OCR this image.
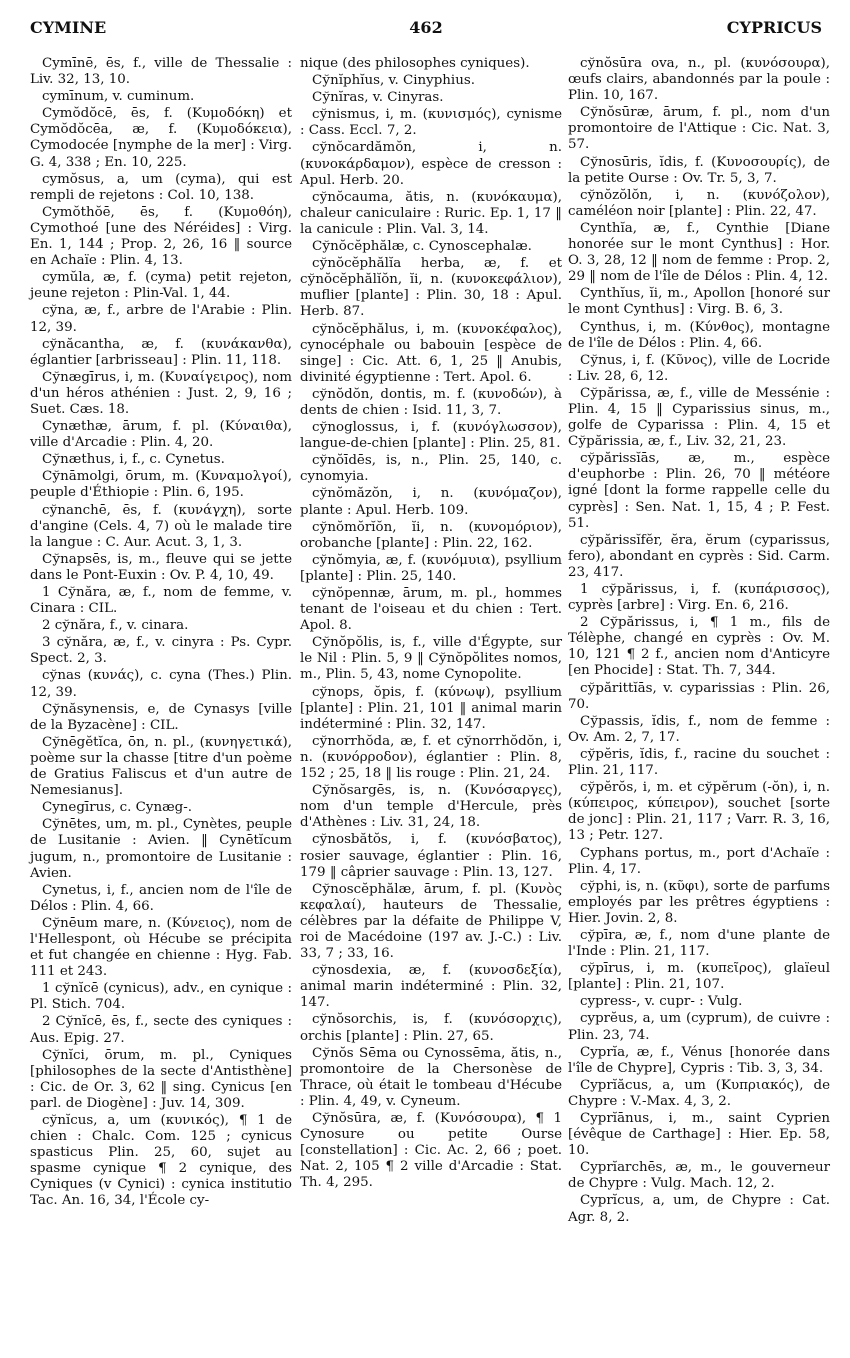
CYMINE	462	CYPRICUS
Cymīnē, ēs, f., ville de Thessalie : Liv. 32, 13, 10.
cymīnum, v. cuminum.
Cymŏdŏcē, ēs, f. (Κυμοδόκη) et Cymŏdŏcēa, æ, f. (Κυμοδόκεια), Cymodocée [nymphe de la mer] : Virg. G. 4, 338 ; En. 10, 225.
cymŏsus, a, um (cyma), qui est rempli de rejetons : Col. 10, 138.
Cymŏthŏē, ēs, f. (Κυμοθόη), Cymothoé [une des Néréides] : Virg. En. 1, 144 ; Prop. 2, 26, 16 ‖ source en Achaïe : Plin. 4, 13.
cymŭla, æ, f. (cyma) petit rejeton, jeune rejeton : Plin-Val. 1, 44.
cўna, æ, f., arbre de l'Arabie : Plin. 12, 39.
cўnăcantha, æ, f. (κυνάκανθα), églantier [arbrisseau] : Plin. 11, 118.
Cўnægīrus, i, m. (Κυναίγειρος), nom d'un héros athénien : Just. 2, 9, 16 ; Suet. Cæs. 18.
Cynæthæ, ārum, f. pl. (Κύναιθα), ville d'Arcadie : Plin. 4, 20.
Cўnæthus, i, f., c. Cynetus.
Cўnāmolgi, ōrum, m. (Κυναμολγοί), peuple d'Éthiopie : Plin. 6, 195.
cўnanchē, ēs, f. (κυνάγχη), sorte d'angine (Cels. 4, 7) où le malade tire la langue : C. Aur. Acut. 3, 1, 3.
Cўnapsēs, is, m., fleuve qui se jette dans le Pont-Euxin : Ov. P. 4, 10, 49.
1 Cўnăra, æ, f., nom de femme, v. Cinara : CIL.
2 cўnăra, f., v. cinara.
3 cўnăra, æ, f., v. cinyra : Ps. Cypr. Spect. 2, 3.
cўnas (κυνάς), c. cyna (Thes.) Plin. 12, 39.
Cўnăsynensis, e, de Cynasys [ville de la Byzacène] : CIL.
Cўnēgĕtĭca, ōn, n. pl., (κυνηγετικά), poème sur la chasse [titre d'un poème de Gratius Faliscus et d'un autre de Nemesianus].
Cynegīrus, c. Cynæg-.
Cўnētes, um, m. pl., Cynètes, peuple de Lusitanie : Avien. ‖ Cynētĭcum jugum, n., promontoire de Lusitanie : Avien.
Cynetus, i, f., ancien nom de l'île de Délos : Plin. 4, 66.
Cўnēum mare, n. (Κύνειος), nom de l'Hellespont, où Hécube se précipita et fut changée en chienne : Hyg. Fab. 111 et 243.
1 cўnĭcē (cynicus), adv., en cynique : Pl. Stich. 704.
2 Cўnĭcē, ēs, f., secte des cyniques : Aus. Epig. 27.
Cўnĭci, ōrum, m. pl., Cyniques [philosophes de la secte d'Antisthène] : Cic. de Or. 3, 62 ‖ sing. Cynicus [en parl. de Diogène] : Juv. 14, 309.
cўnĭcus, a, um (κυνικός), ¶ 1 de chien : Chalc. Com. 125 ; cynicus spasticus Plin. 25, 60, sujet au spasme cynique ¶ 2 cynique, des Cyniques (v Cynici) : cynica institutio Tac. An. 16, 34, l'École cy-
nique (des philosophes cyniques).
Cўnĭphĭus, v. Cinyphius.
Cўnĭras, v. Cinyras.
cўnismus, i, m. (κυνισμός), cynisme : Cass. Eccl. 7, 2.
cўnŏcardămŏn, i, n. (κυνοκάρδαμον), espèce de cresson : Apul. Herb. 20.
cўnŏcauma, ătis, n. (κυνόκαυμα), chaleur caniculaire : Ruric. Ep. 1, 17 ‖ la canicule : Plin. Val. 3, 14.
Cўnŏcĕphălæ, c. Cynoscephalæ.
cўnŏcĕphălĭa herba, æ, f. et cўnŏcĕphălĭŏn, ĭi, n. (κυνοκεφάλιον), muflier [plante] : Plin. 30, 18 : Apul. Herb. 87.
cўnŏcĕphălus, i, m. (κυνοκέφαλος), cynocéphale ou babouin [espèce de singe] : Cic. Att. 6, 1, 25 ‖ Anubis, divinité égyptienne : Tert. Apol. 6.
cўnŏdŏn, dontis, m. f. (κυνοδών), à dents de chien : Isid. 11, 3, 7.
cўnoglossus, i, f. (κυνόγλωσσον), langue-de-chien [plante] : Plin. 25, 81.
cўnŏīdēs, is, n., Plin. 25, 140, c. cynomyia.
cўnŏmăzŏn, i, n. (κυνόμαζον), plante : Apul. Herb. 109.
cўnŏmŏrĭŏn, ĭi, n. (κυνομόριον), orobanche [plante] : Plin. 22, 162.
cўnŏmyia, æ, f. (κυνόμυια), psyllium [plante] : Plin. 25, 140.
cўnŏpennæ, ārum, m. pl., hommes tenant de l'oiseau et du chien : Tert. Apol. 8.
Cўnŏpŏlis, is, f., ville d'Égypte, sur le Nil : Plin. 5, 9 ‖ Cўnŏpŏlites nomos, m., Plin. 5, 43, nome Cynopolite.
cўnops, ŏpis, f. (κύνωψ), psyllium [plante] : Plin. 21, 101 ‖ animal marin indéterminé : Plin. 32, 147.
cўnorrhŏda, æ, f. et cўnorrhŏdŏn, i, n. (κυνόρροδον), églantier : Plin. 8, 152 ; 25, 18 ‖ lis rouge : Plin. 21, 24.
Cўnŏsargēs, is, n. (Κυνόσαργες), nom d'un temple d'Hercule, près d'Athènes : Liv. 31, 24, 18.
cўnosbătŏs, i, f. (κυνόσβατος), rosier sauvage, églantier : Plin. 16, 179 ‖ câprier sauvage : Plin. 13, 127.
Cўnoscĕphălæ, ārum, f. pl. (Κυνὸς κεφαλαί), hauteurs de Thessalie, célèbres par la défaite de Philippe V, roi de Macédoine (197 av. J.-C.) : Liv. 33, 7 ; 33, 16.
cўnosdexia, æ, f. (κυνοσδεξία), animal marin indéterminé : Plin. 32, 147.
cўnŏsorchis, is, f. (κυνόσορχις), orchis [plante] : Plin. 27, 65.
Cўnŏs Sēma ou Cynossēma, ătis, n., promontoire de la Chersonèse de Thrace, où était le tombeau d'Hécube : Plin. 4, 49, v. Cyneum.
Cўnŏsūra, æ, f. (Κυνόσουρα), ¶ 1 Cynosure ou petite Ourse [constellation] : Cic. Ac. 2, 66 ; poet. Nat. 2, 105 ¶ 2 ville d'Arcadie : Stat. Th. 4, 295.
cўnŏsūra ova, n., pl. (κυνόσουρα), œufs clairs, abandonnés par la poule : Plin. 10, 167.
Cўnŏsūræ, ārum, f. pl., nom d'un promontoire de l'Attique : Cic. Nat. 3, 57.
Cўnosūris, ĭdis, f. (Κυνοσουρίς), de la petite Ourse : Ov. Tr. 5, 3, 7.
cўnŏzŏlŏn, i, n. (κυνόζολον), caméléon noir [plante] : Plin. 22, 47.
Cynthĭa, æ, f., Cynthie [Diane honorée sur le mont Cynthus] : Hor. O. 3, 28, 12 ‖ nom de femme : Prop. 2, 29 ‖ nom de l'île de Délos : Plin. 4, 12.
Cynthĭus, ĭi, m., Apollon [honoré sur le mont Cynthus] : Virg. B. 6, 3.
Cynthus, i, m. (Κύνθος), montagne de l'île de Délos : Plin. 4, 66.
Cўnus, i, f. (Κῦνος), ville de Locride : Liv. 28, 6, 12.
Cўpărissa, æ, f., ville de Messénie : Plin. 4, 15 ‖ Cyparissius sinus, m., golfe de Cyparissa : Plin. 4, 15 et Cўpărissia, æ, f., Liv. 32, 21, 23.
cўpărissĭās, æ, m., espèce d'euphorbe : Plin. 26, 70 ‖ météore igné [dont la forme rappelle celle du cyprès] : Sen. Nat. 1, 15, 4 ; P. Fest. 51.
cўpărissĭfĕr, ĕra, ĕrum (cyparissus, fero), abondant en cyprès : Sid. Carm. 23, 417.
1 cўpărissus, i, f. (κυπάρισσος), cyprès [arbre] : Virg. En. 6, 216.
2 Cўpărissus, i, ¶ 1 m., fils de Télèphe, changé en cyprès : Ov. M. 10, 121 ¶ 2 f., ancien nom d'Anticyre [en Phocide] : Stat. Th. 7, 344.
cўpărittĭās, v. cyparissias : Plin. 26, 70.
Cўpassis, ĭdis, f., nom de femme : Ov. Am. 2, 7, 17.
cўpĕris, ĭdis, f., racine du souchet : Plin. 21, 117.
cўpĕrŏs, i, m. et cўpĕrum (-ŏn), i, n. (κύπειρος, κύπειρον), souchet [sorte de jonc] : Plin. 21, 117 ; Varr. R. 3, 16, 13 ; Petr. 127.
Cyphans portus, m., port d'Achaïe : Plin. 4, 17.
cўphi, is, n. (κῦφι), sorte de parfums employés par les prêtres égyptiens : Hier. Jovin. 2, 8.
cўpīra, æ, f., nom d'une plante de l'Inde : Plin. 21, 117.
cўpīrus, i, m. (κυπεῖρος), glaïeul [plante] : Plin. 21, 107.
cypress-, v. cupr- : Vulg.
cyprĕus, a, um (cyprum), de cuivre : Plin. 23, 74.
Cyprĭa, æ, f., Vénus [honorée dans l'île de Chypre], Cypris : Tib. 3, 3, 34.
Cyprĭăcus, a, um (Κυπριακός), de Chypre : V.-Max. 4, 3, 2.
Cyprĭānus, i, m., saint Cyprien [évêque de Carthage] : Hier. Ep. 58, 10.
Cyprĭarchēs, æ, m., le gouverneur de Chypre : Vulg. Mach. 12, 2.
Cyprĭcus, a, um, de Chypre : Cat. Agr. 8, 2.
